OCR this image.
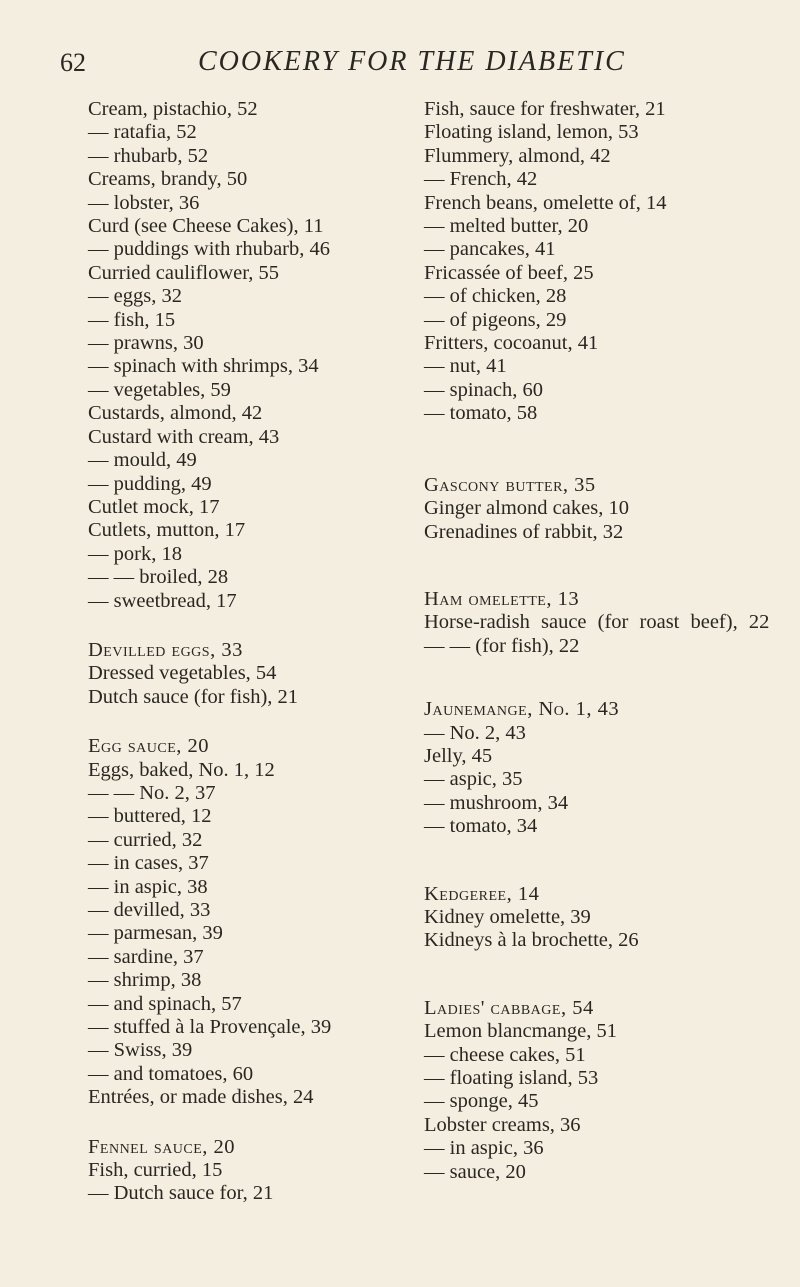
62	COOKERY FOR THE DIABETIC
Cream, pistachio, 52
— ratafia, 52
— rhubarb, 52
Creams, brandy, 50
— lobster, 36
Curd (see Cheese Cakes), 11
— puddings with rhubarb, 46
Curried cauliflower, 55
— eggs, 32
— fish, 15
— prawns, 30
— spinach with shrimps, 34
— vegetables, 59
Custards, almond, 42
Custard with cream, 43
— mould, 49
— pudding, 49
Cutlet mock, 17
Cutlets, mutton, 17
— pork, 18
— — broiled, 28
— sweetbread, 17
Devilled eggs, 33
Dressed vegetables, 54
Dutch sauce (for fish), 21
Egg sauce, 20
Eggs, baked, No. 1, 12
— — No. 2, 37
— buttered, 12
— curried, 32
— in cases, 37
— in aspic, 38
— devilled, 33
— parmesan, 39
— sardine, 37
— shrimp, 38
— and spinach, 57
— stuffed à la Provençale, 39
— Swiss, 39
— and tomatoes, 60
Entrées, or made dishes, 24
Fennel sauce, 20
Fish, curried, 15
— Dutch sauce for, 21
Fish, sauce for freshwater, 21
Floating island, lemon, 53
Flummery, almond, 42
— French, 42
French beans, omelette of, 14
— melted butter, 20
— pancakes, 41
Fricassée of beef, 25
— of chicken, 28
— of pigeons, 29
Fritters, cocoanut, 41
— nut, 41
— spinach, 60
— tomato, 58
Gascony butter, 35
Ginger almond cakes, 10
Grenadines of rabbit, 32
Ham omelette, 13
Horse-radish sauce (for roast beef), 22
— — (for fish), 22
Jaunemange, No. 1, 43
— No. 2, 43
Jelly, 45
— aspic, 35
— mushroom, 34
— tomato, 34
Kedgeree, 14
Kidney omelette, 39
Kidneys à la brochette, 26
Ladies' cabbage, 54
Lemon blancmange, 51
— cheese cakes, 51
— floating island, 53
— sponge, 45
Lobster creams, 36
— in aspic, 36
— sauce, 20
